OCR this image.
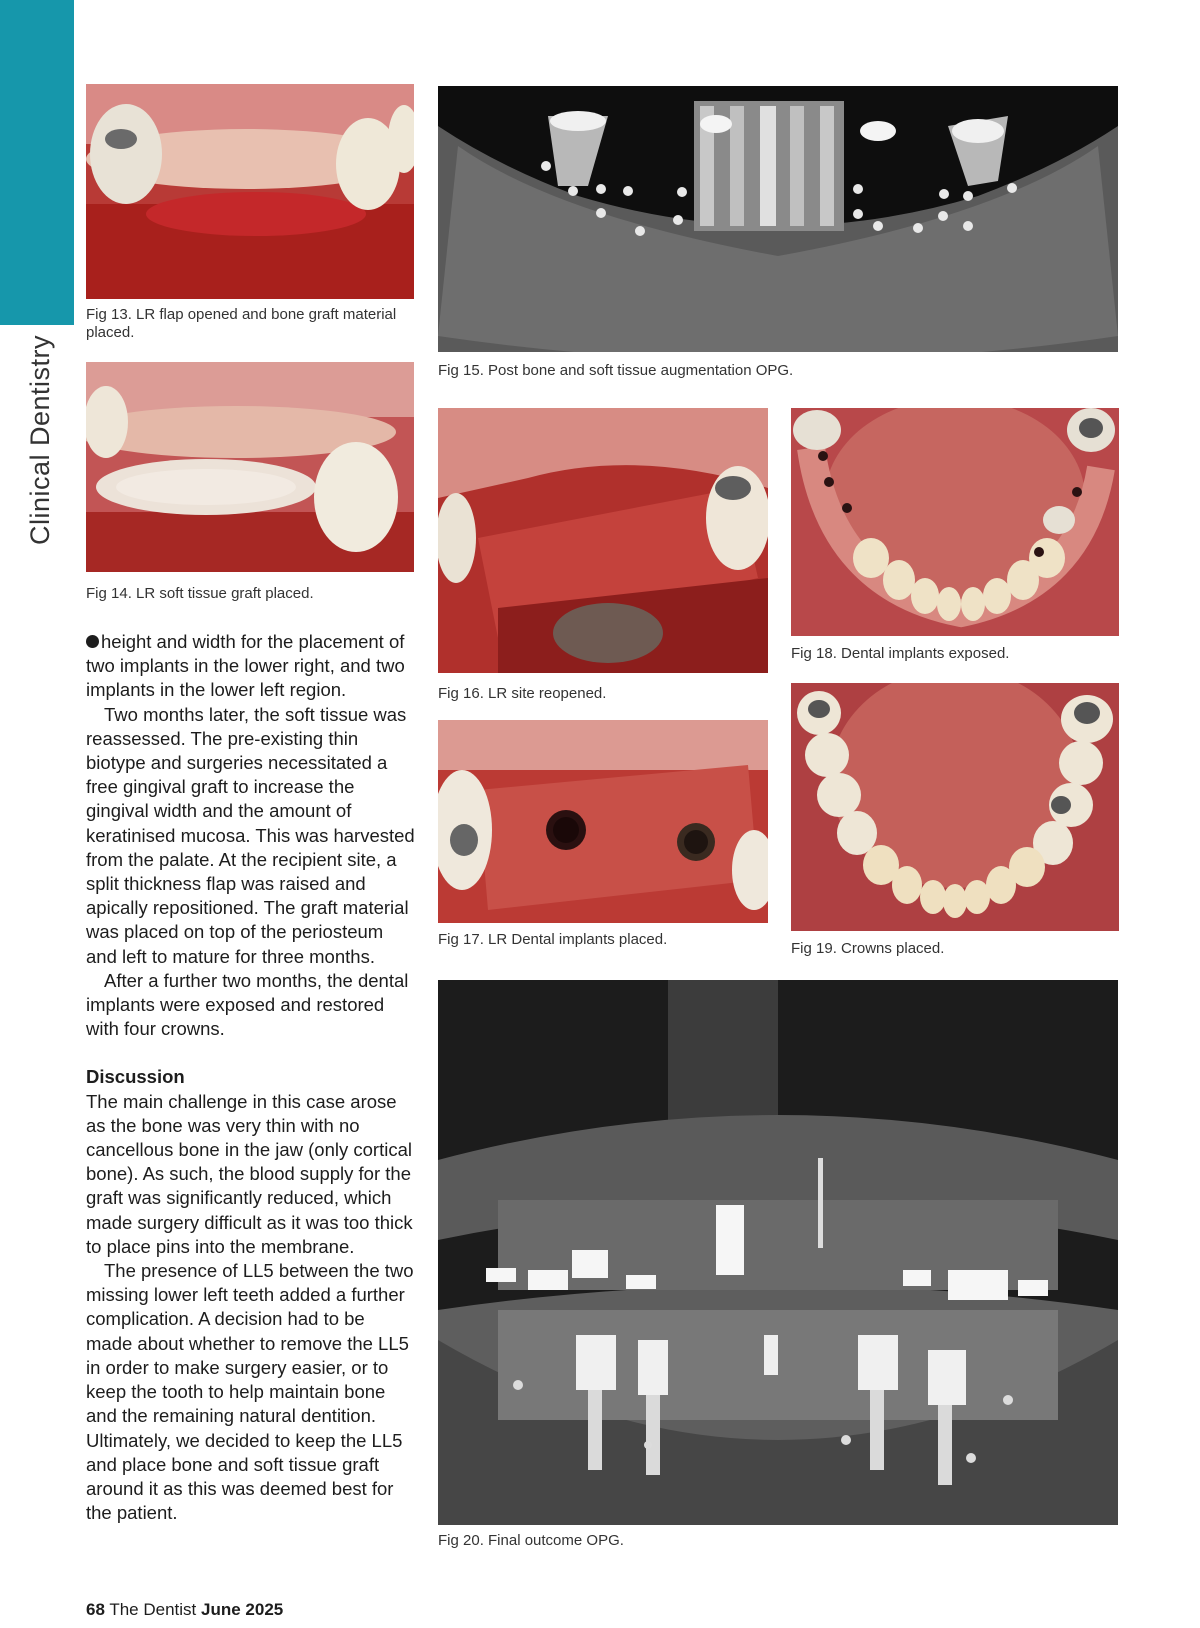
Clinical Dentistry
Fig 13. LR flap opened and bone graft material placed.
Fig 14. LR soft tissue graft placed.
Fig 15. Post bone and soft tissue augmentation OPG.
Fig 16. LR site reopened.
Fig 17. LR Dental implants placed.
Fig 18. Dental implants exposed.
Fig 19. Crowns placed.
Fig 20. Final outcome OPG.

height and width for the placement of two implants in the lower right, and two implants in the lower left region.

Two months later, the soft tissue was reassessed. The pre-existing thin biotype and surgeries necessitated a free gingival graft to increase the gingival width and the amount of keratinised mucosa. This was harvested from the palate. At the recipient site, a split thickness flap was raised and apically repositioned. The graft material was placed on top of the periosteum and left to mature for three months.

After a further two months, the dental implants were exposed and restored with four crowns.

Discussion

The main challenge in this case arose as the bone was very thin with no cancellous bone in the jaw (only cortical bone). As such, the blood supply for the graft was significantly reduced, which made surgery difficult as it was too thick to place pins into the membrane.

The presence of LL5 between the two missing lower left teeth added a further complication. A decision had to be made about whether to remove the LL5 in order to make surgery easier, or to keep the tooth to help maintain bone and the remaining natural dentition. Ultimately, we decided to keep the LL5 and place bone and soft tissue graft around it as this was deemed best for the patient.

68 The Dentist June 2025
